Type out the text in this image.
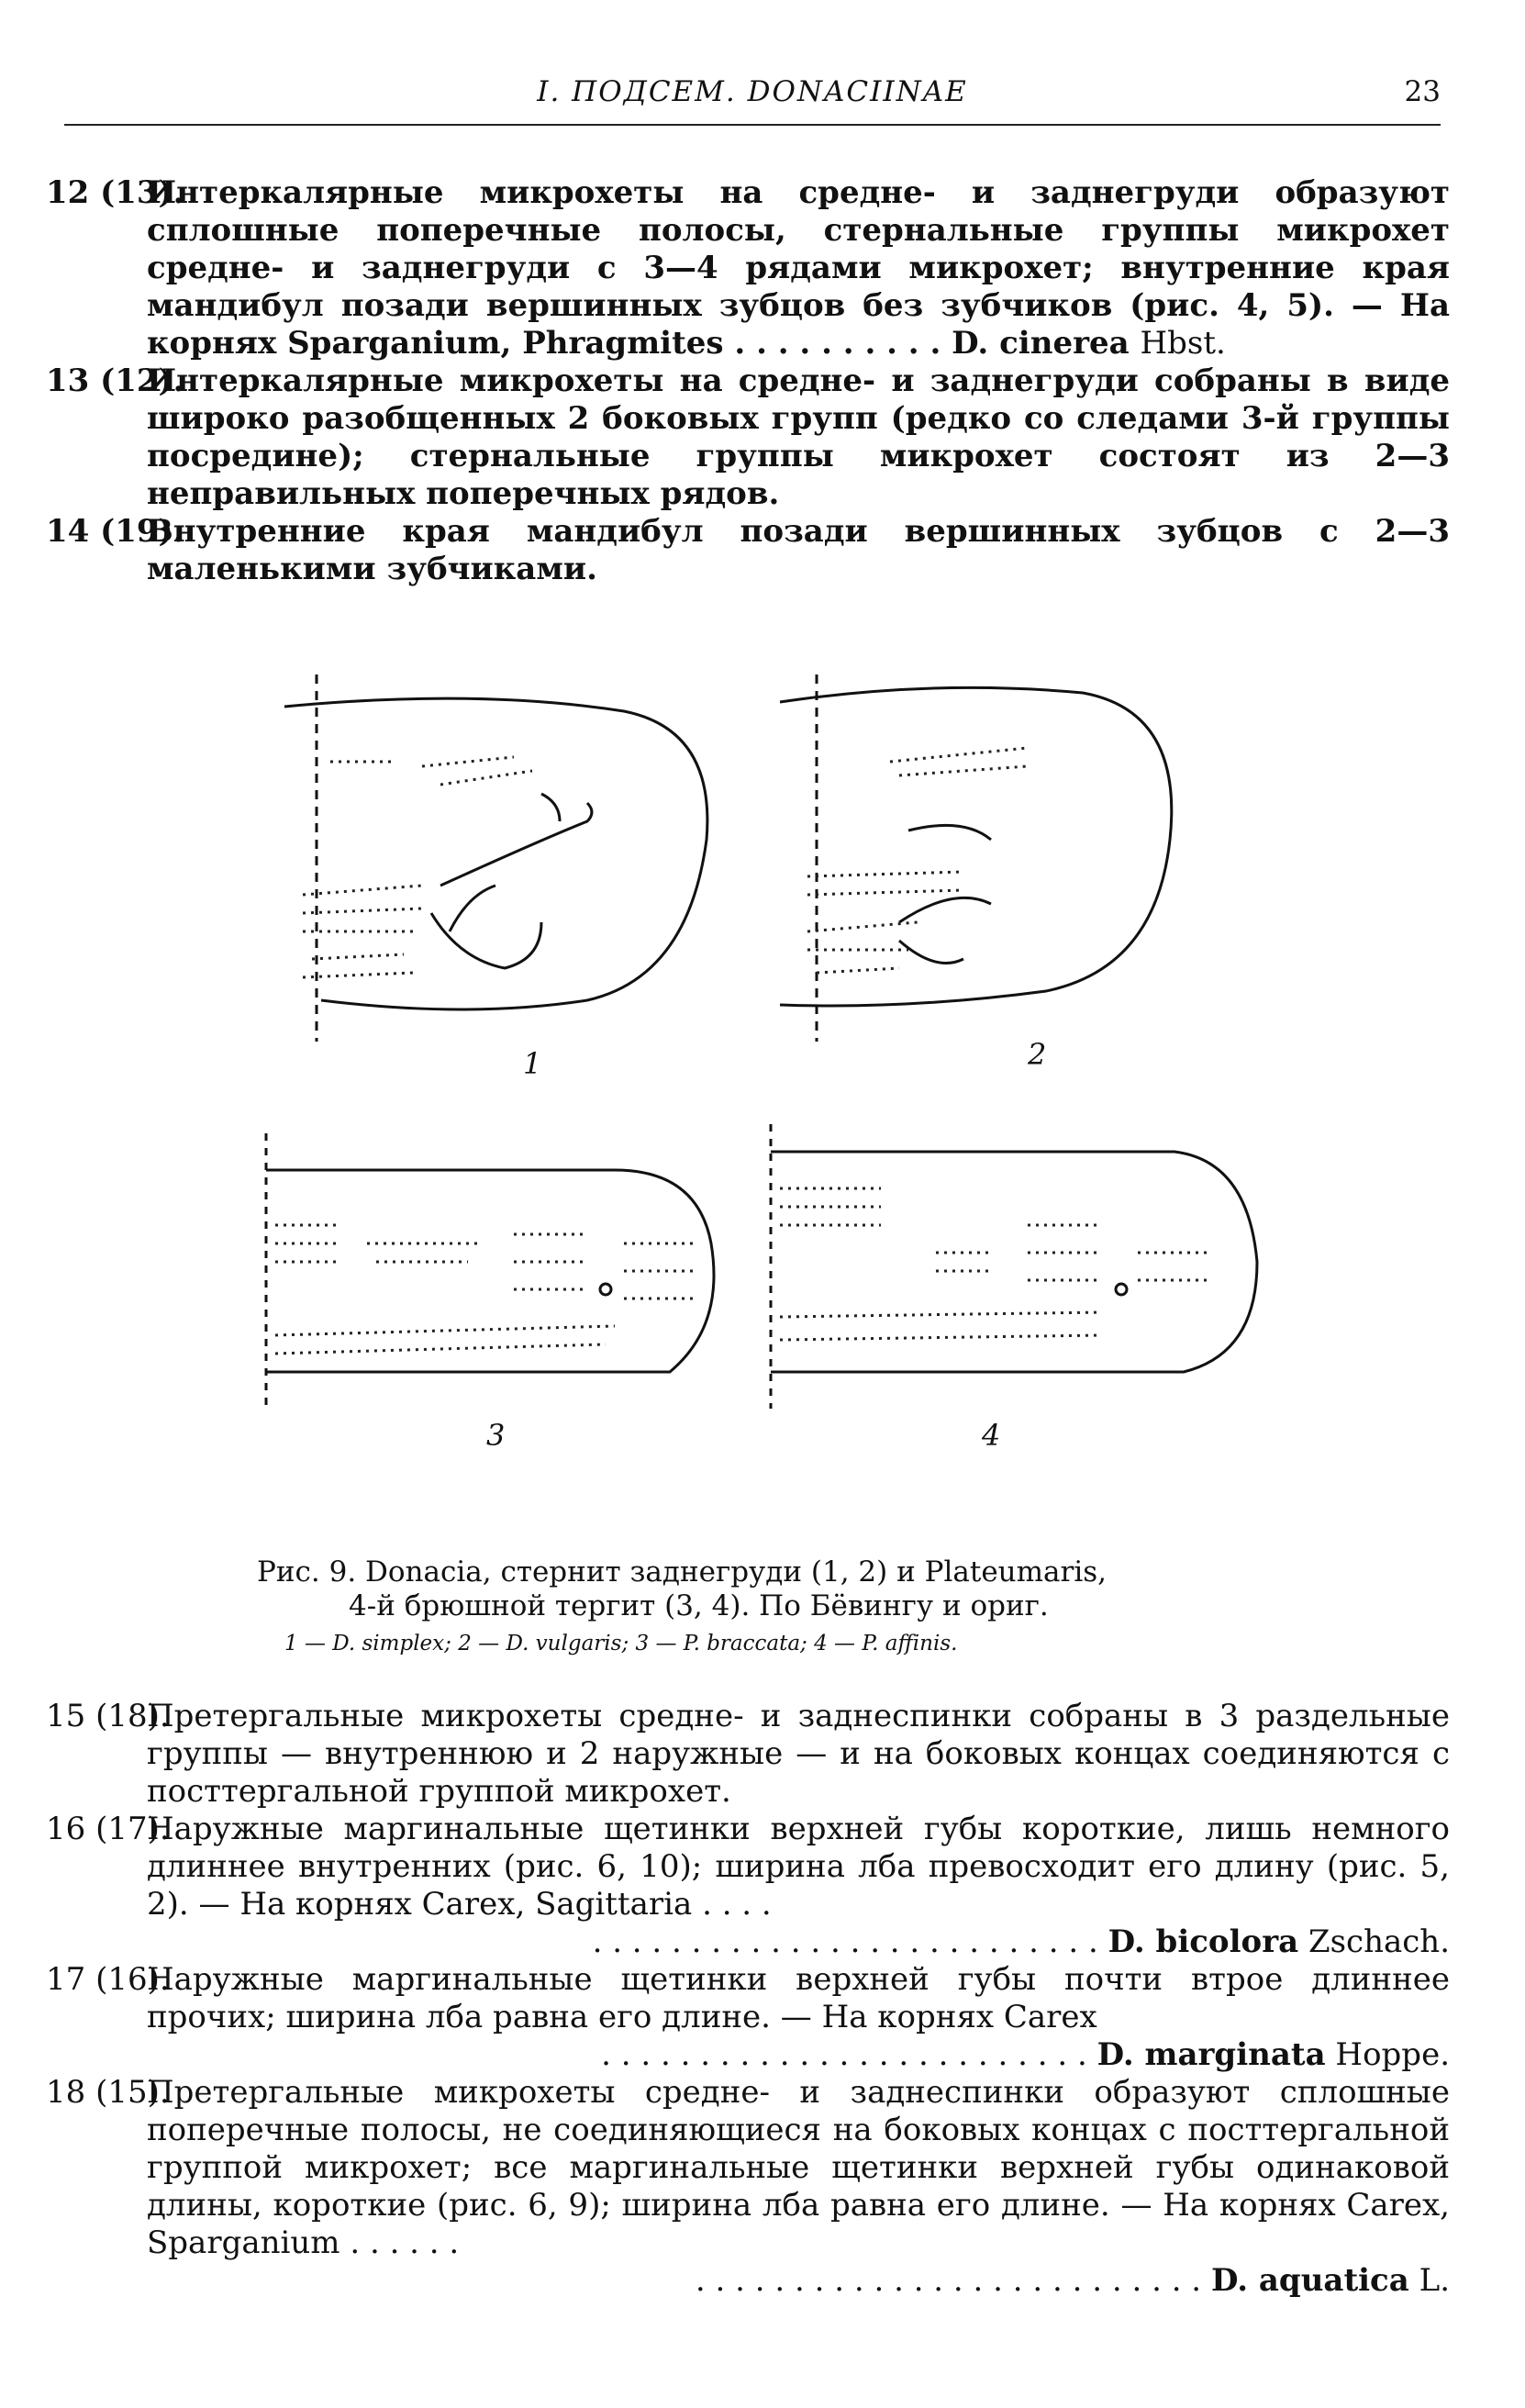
I. ПОДСЕМ. DONACIINAE	23
12 (13).
Интеркалярные микрохеты на средне- и заднегруди образуют сплошные поперечные полосы, стернальные группы микрохет средне- и заднегруди с 3—4 рядами микрохет; внутренние края мандибул позади вершинных зубцов без зубчиков (рис. 4, 5). — На корнях Sparganium, Phragmites . . . . . . . . . . D. cinerea Hbst.
13 (12).
Интеркалярные микрохеты на средне- и заднегруди собраны в виде широко разобщенных 2 боковых групп (редко со следами 3-й группы посредине); стернальные группы микрохет состоят из 2—3 неправильных поперечных рядов.
14 (19).
Внутренние края мандибул позади вершинных зубцов с 2—3 маленькими зубчиками.
1	2
3	4
Рис. 9. Donacia, стернит заднегруди (1, 2) и Plateumaris,
4-й брюшной тергит (3, 4). По Бёвингу и ориг.
1 — D. simplex; 2 — D. vulgaris; 3 — P. braccata; 4 — P. affinis.
15 (18).
Претергальные микрохеты средне- и заднеспинки собраны в 3 раздельные группы — внутреннюю и 2 наружные — и на боковых концах соединяются с посттергальной группой микрохет.
16 (17).
Наружные маргинальные щетинки верхней губы короткие, лишь немного длиннее внутренних (рис. 6, 10); ширина лба превосходит его длину (рис. 5, 2). — На корнях Carex, Sagittaria . . . .
. . . . . . . . . . . . . . . . . . . . . . . . . . D. bicolora Zschach.
17 (16).
Наружные маргинальные щетинки верхней губы почти втрое длиннее прочих; ширина лба равна его длине. — На корнях Carex
. . . . . . . . . . . . . . . . . . . . . . . . . D. marginata Hoppe.
18 (15).
Претергальные микрохеты средне- и заднеспинки образуют сплошные поперечные полосы, не соединяющиеся на боковых концах с посттергальной группой микрохет; все маргинальные щетинки верхней губы одинаковой длины, короткие (рис. 6, 9); ширина лба равна его длине. — На корнях Carex, Sparganium . . . . . .
. . . . . . . . . . . . . . . . . . . . . . . . . . D. aquatica L.
